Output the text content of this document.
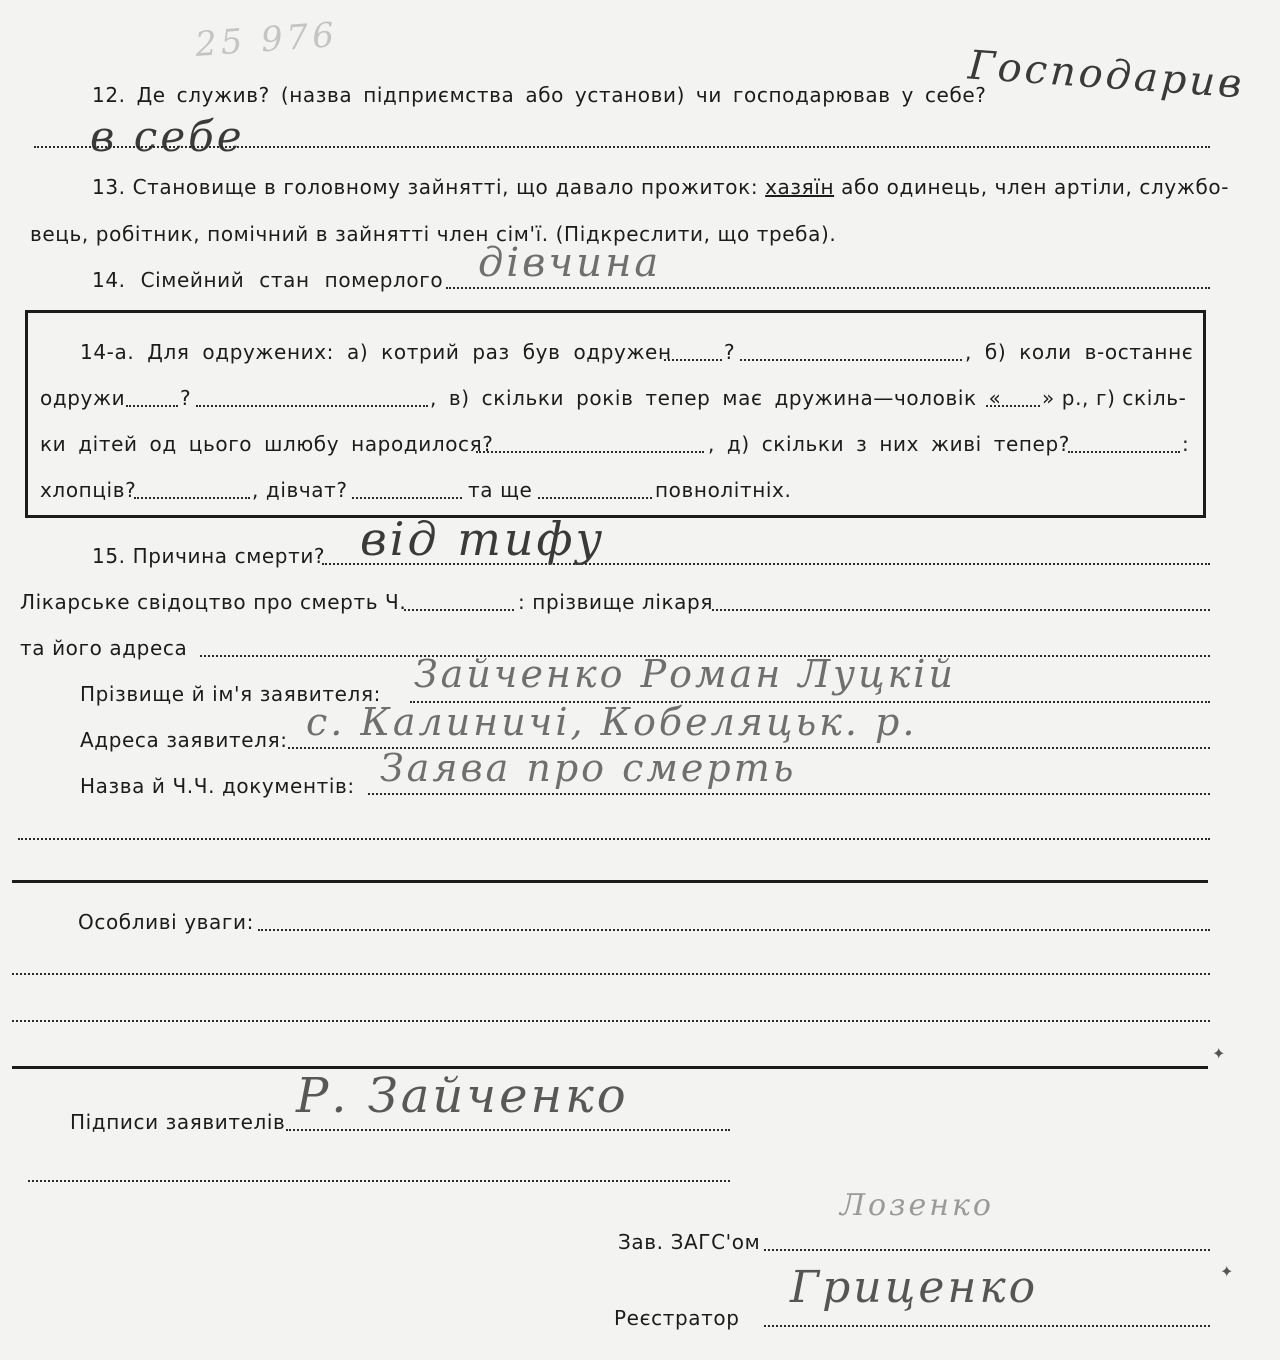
25 976
12. Де служив? (назва підприємства або установи) чи господарював у себе?
Господарив
в себе
13. Становище в головному зайнятті, що давало прожиток: хазяїн або одинець, член артіли, службо-
вець, робітник, помічний в зайнятті член сім'ї. (Підкреслити, що треба).
14. Сімейний стан померлого дівчина
14-а. Для одружених: а) котрий раз був одружен	?	, б) коли в-останнє
одружи	?	, в) скільки років тепер має дружина—чоловік « » р., г) скіль-
ки дітей од цього шлюбу народилося?	, д) скільки з них живі тепер?	:
хлопців?	, дівчат?	та ще	повнолітніх.
15. Причина смерти? від тифу
Лікарське свідоцтво про смерть Ч.	: прізвище лікаря
та його адреса
Прізвище й ім'я заявителя: Зайченко Роман Луцкій
Адреса заявителя: с. Калиничі, Кобеляцьк. р.
Назва й Ч.Ч. документів: Заява про смерть
Особливі уваги:
Підписи заявителів Р. Зайченко
Зав. ЗАГС'ом
Лозенко
Реєстратор
Гриценко
✦
✦
